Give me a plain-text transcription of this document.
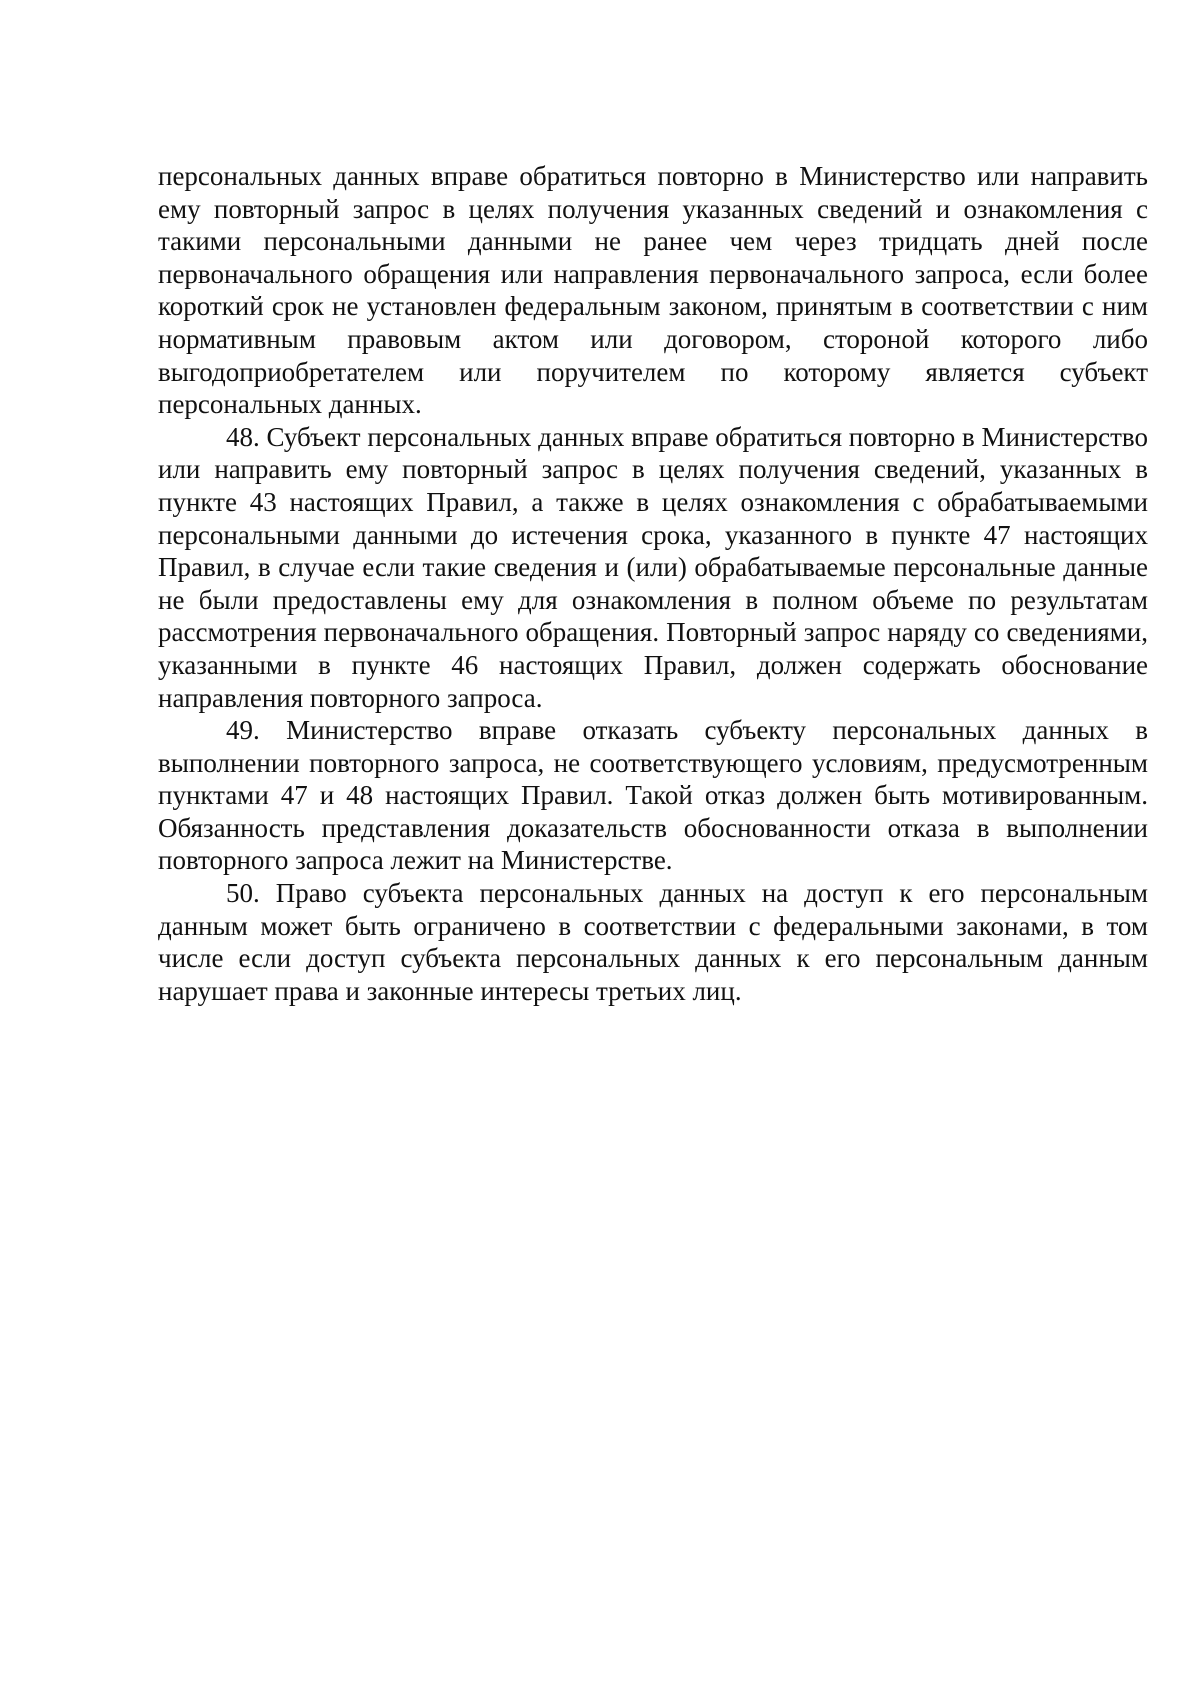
персональных данных вправе обратиться повторно в Министерство или направить ему повторный запрос в целях получения указанных сведений и ознакомления с такими персональными данными не ранее чем через тридцать дней после первоначального обращения или направления первоначального запроса, если более короткий срок не установлен федеральным законом, принятым в соответствии с ним нормативным правовым актом или договором, стороной которого либо выгодоприобретателем или поручителем по которому является субъект персональных данных.

48. Субъект персональных данных вправе обратиться повторно в Министерство или направить ему повторный запрос в целях получения сведений, указанных в пункте 43 настоящих Правил, а также в целях ознакомления с обрабатываемыми персональными данными до истечения срока, указанного в пункте 47 настоящих Правил, в случае если такие сведения и (или) обрабатываемые персональные данные не были предоставлены ему для ознакомления в полном объеме по результатам рассмотрения первоначального обращения. Повторный запрос наряду со сведениями, указанными в пункте 46 настоящих Правил, должен содержать обоснование направления повторного запроса.

49. Министерство вправе отказать субъекту персональных данных в выполнении повторного запроса, не соответствующего условиям, предусмотренным пунктами 47 и 48 настоящих Правил. Такой отказ должен быть мотивированным. Обязанность представления доказательств обоснованности отказа в выполнении повторного запроса лежит на Министерстве.

50. Право субъекта персональных данных на доступ к его персональным данным может быть ограничено в соответствии с федеральными законами, в том числе если доступ субъекта персональных данных к его персональным данным нарушает права и законные интересы третьих лиц.
